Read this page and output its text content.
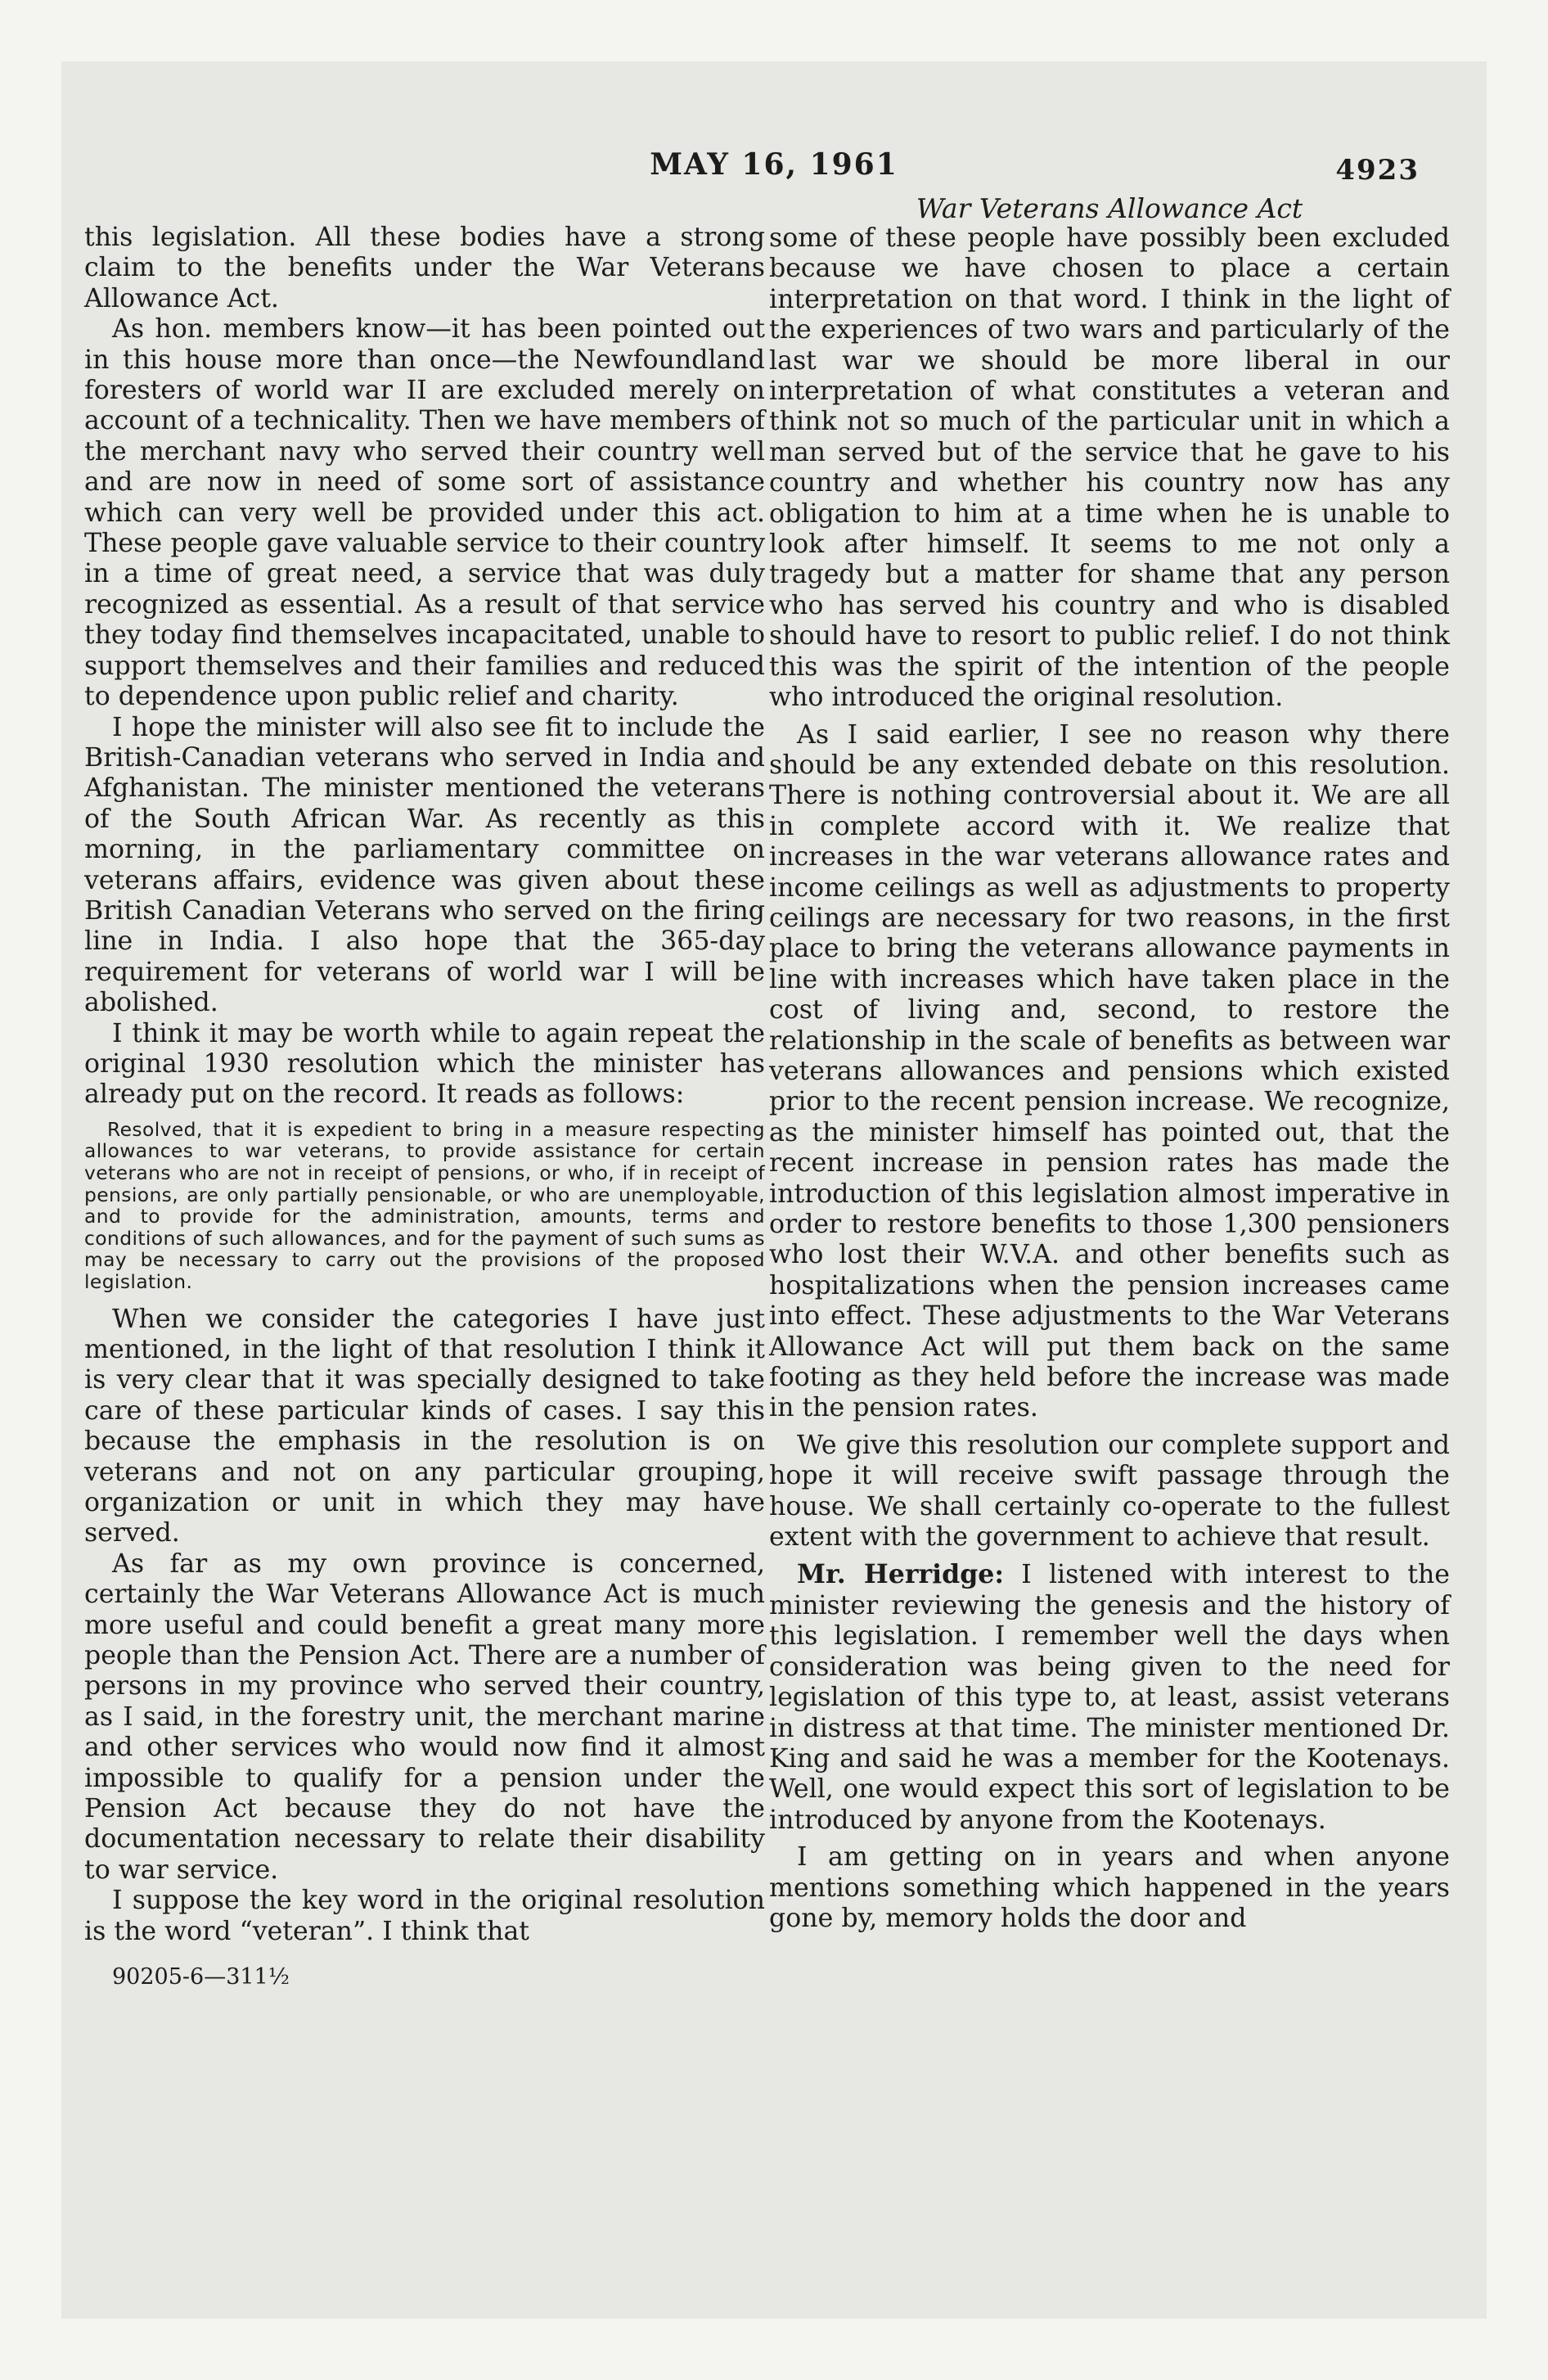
MAY 16, 1961	4923

this legislation. All these bodies have a strong claim to the benefits under the War Veterans Allowance Act.

As hon. members know—it has been pointed out in this house more than once—the Newfoundland foresters of world war II are excluded merely on account of a technicality. Then we have members of the merchant navy who served their country well and are now in need of some sort of assistance which can very well be provided under this act. These people gave valuable service to their country in a time of great need, a service that was duly recognized as essential. As a result of that service they today find themselves incapacitated, unable to support themselves and their families and reduced to dependence upon public relief and charity.

I hope the minister will also see fit to include the British-Canadian veterans who served in India and Afghanistan. The minister mentioned the veterans of the South African War. As recently as this morning, in the parliamentary committee on veterans affairs, evidence was given about these British Canadian Veterans who served on the firing line in India. I also hope that the 365-day requirement for veterans of world war I will be abolished.

I think it may be worth while to again repeat the original 1930 resolution which the minister has already put on the record. It reads as follows:

Resolved, that it is expedient to bring in a measure respecting allowances to war veterans, to provide assistance for certain veterans who are not in receipt of pensions, or who, if in receipt of pensions, are only partially pensionable, or who are unemployable, and to provide for the administration, amounts, terms and conditions of such allowances, and for the payment of such sums as may be necessary to carry out the provisions of the proposed legislation.

When we consider the categories I have just mentioned, in the light of that resolution I think it is very clear that it was specially designed to take care of these particular kinds of cases. I say this because the emphasis in the resolution is on veterans and not on any particular grouping, organization or unit in which they may have served.

As far as my own province is concerned, certainly the War Veterans Allowance Act is much more useful and could benefit a great many more people than the Pension Act. There are a number of persons in my province who served their country, as I said, in the forestry unit, the merchant marine and other services who would now find it almost impossible to qualify for a pension under the Pension Act because they do not have the documentation necessary to relate their disability to war service.

I suppose the key word in the original resolution is the word “veteran”. I think that

90205-6—311½

War Veterans Allowance Act

some of these people have possibly been excluded because we have chosen to place a certain interpretation on that word. I think in the light of the experiences of two wars and particularly of the last war we should be more liberal in our interpretation of what constitutes a veteran and think not so much of the particular unit in which a man served but of the service that he gave to his country and whether his country now has any obligation to him at a time when he is unable to look after himself. It seems to me not only a tragedy but a matter for shame that any person who has served his country and who is disabled should have to resort to public relief. I do not think this was the spirit of the intention of the people who introduced the original resolution.

As I said earlier, I see no reason why there should be any extended debate on this resolution. There is nothing controversial about it. We are all in complete accord with it. We realize that increases in the war veterans allowance rates and income ceilings as well as adjustments to property ceilings are necessary for two reasons, in the first place to bring the veterans allowance payments in line with increases which have taken place in the cost of living and, second, to restore the relationship in the scale of benefits as between war veterans allowances and pensions which existed prior to the recent pension increase. We recognize, as the minister himself has pointed out, that the recent increase in pension rates has made the introduction of this legislation almost imperative in order to restore benefits to those 1,300 pensioners who lost their W.V.A. and other benefits such as hospitalizations when the pension increases came into effect. These adjustments to the War Veterans Allowance Act will put them back on the same footing as they held before the increase was made in the pension rates.

We give this resolution our complete support and hope it will receive swift passage through the house. We shall certainly co-operate to the fullest extent with the government to achieve that result.

Mr. Herridge: I listened with interest to the minister reviewing the genesis and the history of this legislation. I remember well the days when consideration was being given to the need for legislation of this type to, at least, assist veterans in distress at that time. The minister mentioned Dr. King and said he was a member for the Kootenays. Well, one would expect this sort of legislation to be introduced by anyone from the Kootenays.

I am getting on in years and when anyone mentions something which happened in the years gone by, memory holds the door and
